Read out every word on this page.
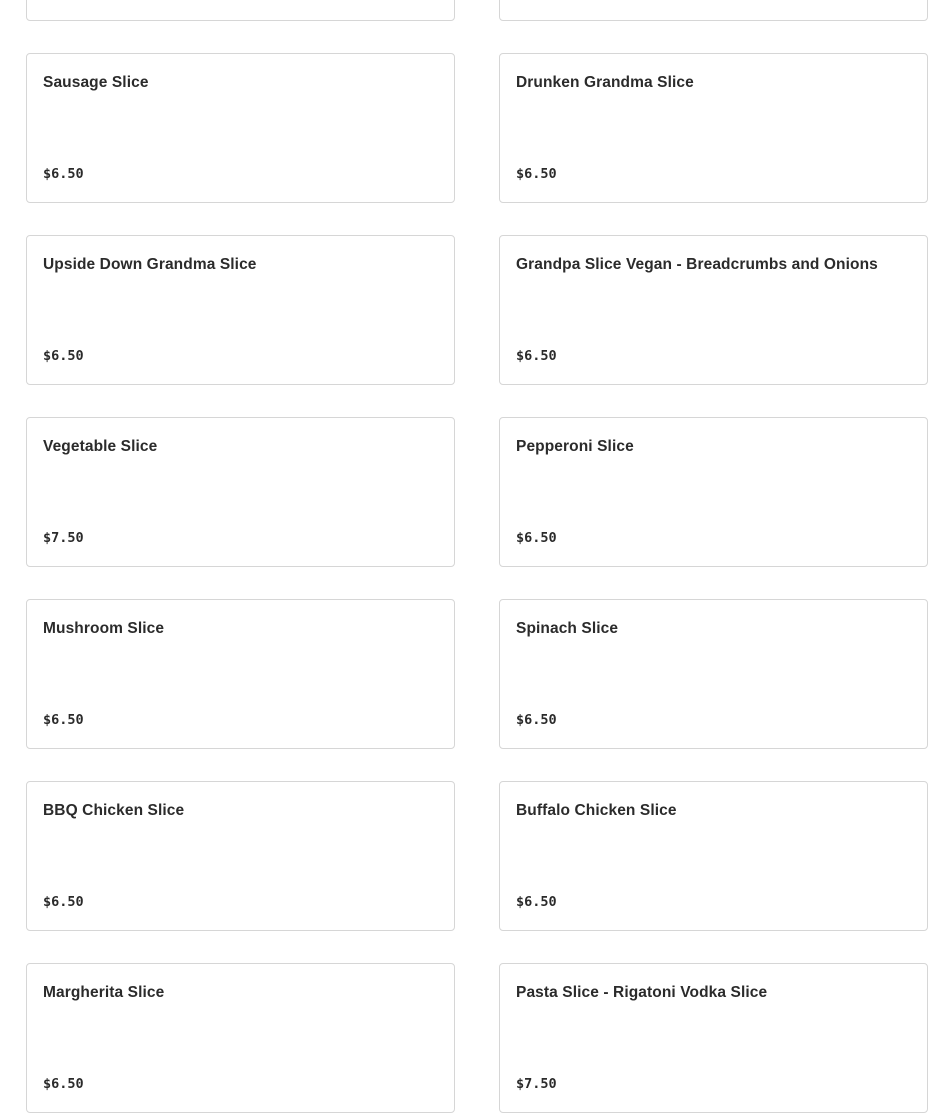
Sausage Slice
$6.50
Drunken Grandma Slice
$6.50
Upside Down Grandma Slice
$6.50
Grandpa Slice Vegan - Breadcrumbs and Onions
$6.50
Vegetable Slice
$7.50
Pepperoni Slice
$6.50
Mushroom Slice
$6.50
Spinach Slice
$6.50
BBQ Chicken Slice
$6.50
Buffalo Chicken Slice
$6.50
Margherita Slice
$6.50
Pasta Slice - Rigatoni Vodka Slice
$7.50
